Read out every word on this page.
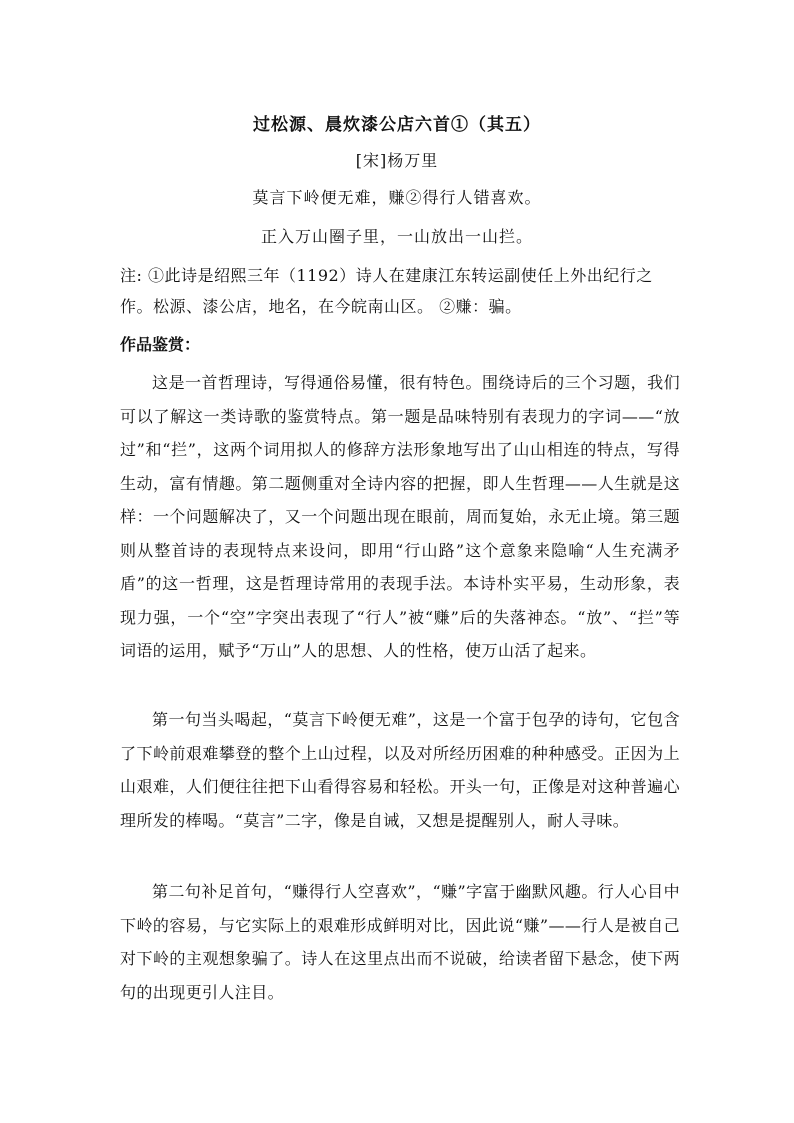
过松源、晨炊漆公店六首①（其五）
[宋]杨万里
莫言下岭便无难，赚②得行人错喜欢。
正入万山圈子里，一山放出一山拦。
注: ①此诗是绍熙三年（1192）诗人在建康江东转运副使任上外出纪行之作。松源、漆公店，地名，在今皖南山区。 ②赚：骗。
作品鉴赏：
这是一首哲理诗，写得通俗易懂，很有特色。围绕诗后的三个习题，我们可以了解这一类诗歌的鉴赏特点。第一题是品味特别有表现力的字词——“放过”和“拦”，这两个词用拟人的修辞方法形象地写出了山山相连的特点，写得生动，富有情趣。第二题侧重对全诗内容的把握，即人生哲理——人生就是这样：一个问题解决了，又一个问题出现在眼前，周而复始，永无止境。第三题则从整首诗的表现特点来设问，即用“行山路”这个意象来隐喻“人生充满矛盾”的这一哲理，这是哲理诗常用的表现手法。本诗朴实平易，生动形象，表现力强，一个“空”字突出表现了“行人”被“赚”后的失落神态。“放”、“拦”等词语的运用，赋予“万山”人的思想、人的性格，使万山活了起来。
第一句当头喝起，“莫言下岭便无难”，这是一个富于包孕的诗句，它包含了下岭前艰难攀登的整个上山过程，以及对所经历困难的种种感受。正因为上山艰难，人们便往往把下山看得容易和轻松。开头一句，正像是对这种普遍心理所发的棒喝。“莫言”二字，像是自诫，又想是提醒别人，耐人寻味。
第二句补足首句，“赚得行人空喜欢”，“赚”字富于幽默风趣。行人心目中下岭的容易，与它实际上的艰难形成鲜明对比，因此说“赚”——行人是被自己对下岭的主观想象骗了。诗人在这里点出而不说破，给读者留下悬念，使下两句的出现更引人注目。
